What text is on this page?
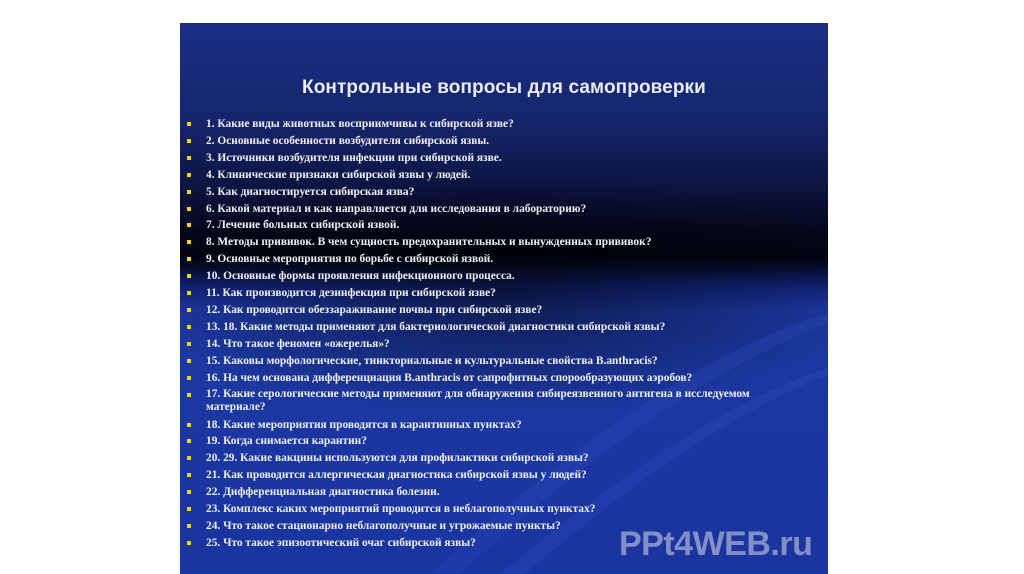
Контрольные вопросы для самопроверки
1. Какие виды животных восприимчивы к сибирской язве?
2. Основные особенности возбудителя сибирской язвы.
3. Источники возбудителя инфекции при сибирской язве.
4. Клинические признаки сибирской язвы у людей.
5. Как диагностируется сибирская язва?
6. Какой материал и как направляется для исследования в лабораторию?
7. Лечение больных сибирской язвой.
8. Методы прививок. В чем сущность предохранительных и вынужденных прививок?
9. Основные мероприятия по борьбе с сибирской язвой.
10. Основные формы проявления инфекционного процесса.
11. Как производится дезинфекция при сибирской язве?
12. Как проводится обеззараживание почвы при сибирской язве?
13. 18. Какие методы применяют для бактериологической диагностики сибирской язвы?
14. Что такое феномен «ожерелья»?
15. Каковы морфологические, тинкториальные и культуральные свойства B.anthracis?
16. На чем основана дифференциация B.anthracis от сапрофитных спорообразующих аэробов?
17. Какие серологические методы применяют для обнаружения сибиреязвенного антигена в исследуемом материале?
18. Какие мероприятия проводятся в карантинных пунктах?
19. Когда снимается карантин?
20. 29. Какие вакцины используются для профилактики сибирской язвы?
21. Как проводится аллергическая диагностика сибирской язвы у людей?
22. Дифференциальная диагностика болезни.
23. Комплекс каких мероприятий проводится в неблагополучных пунктах?
24. Что такое стационарно неблагополучные и угрожаемые пункты?
25. Что такое эпизоотический очаг сибирской язвы?	PPt4WEB.ru
